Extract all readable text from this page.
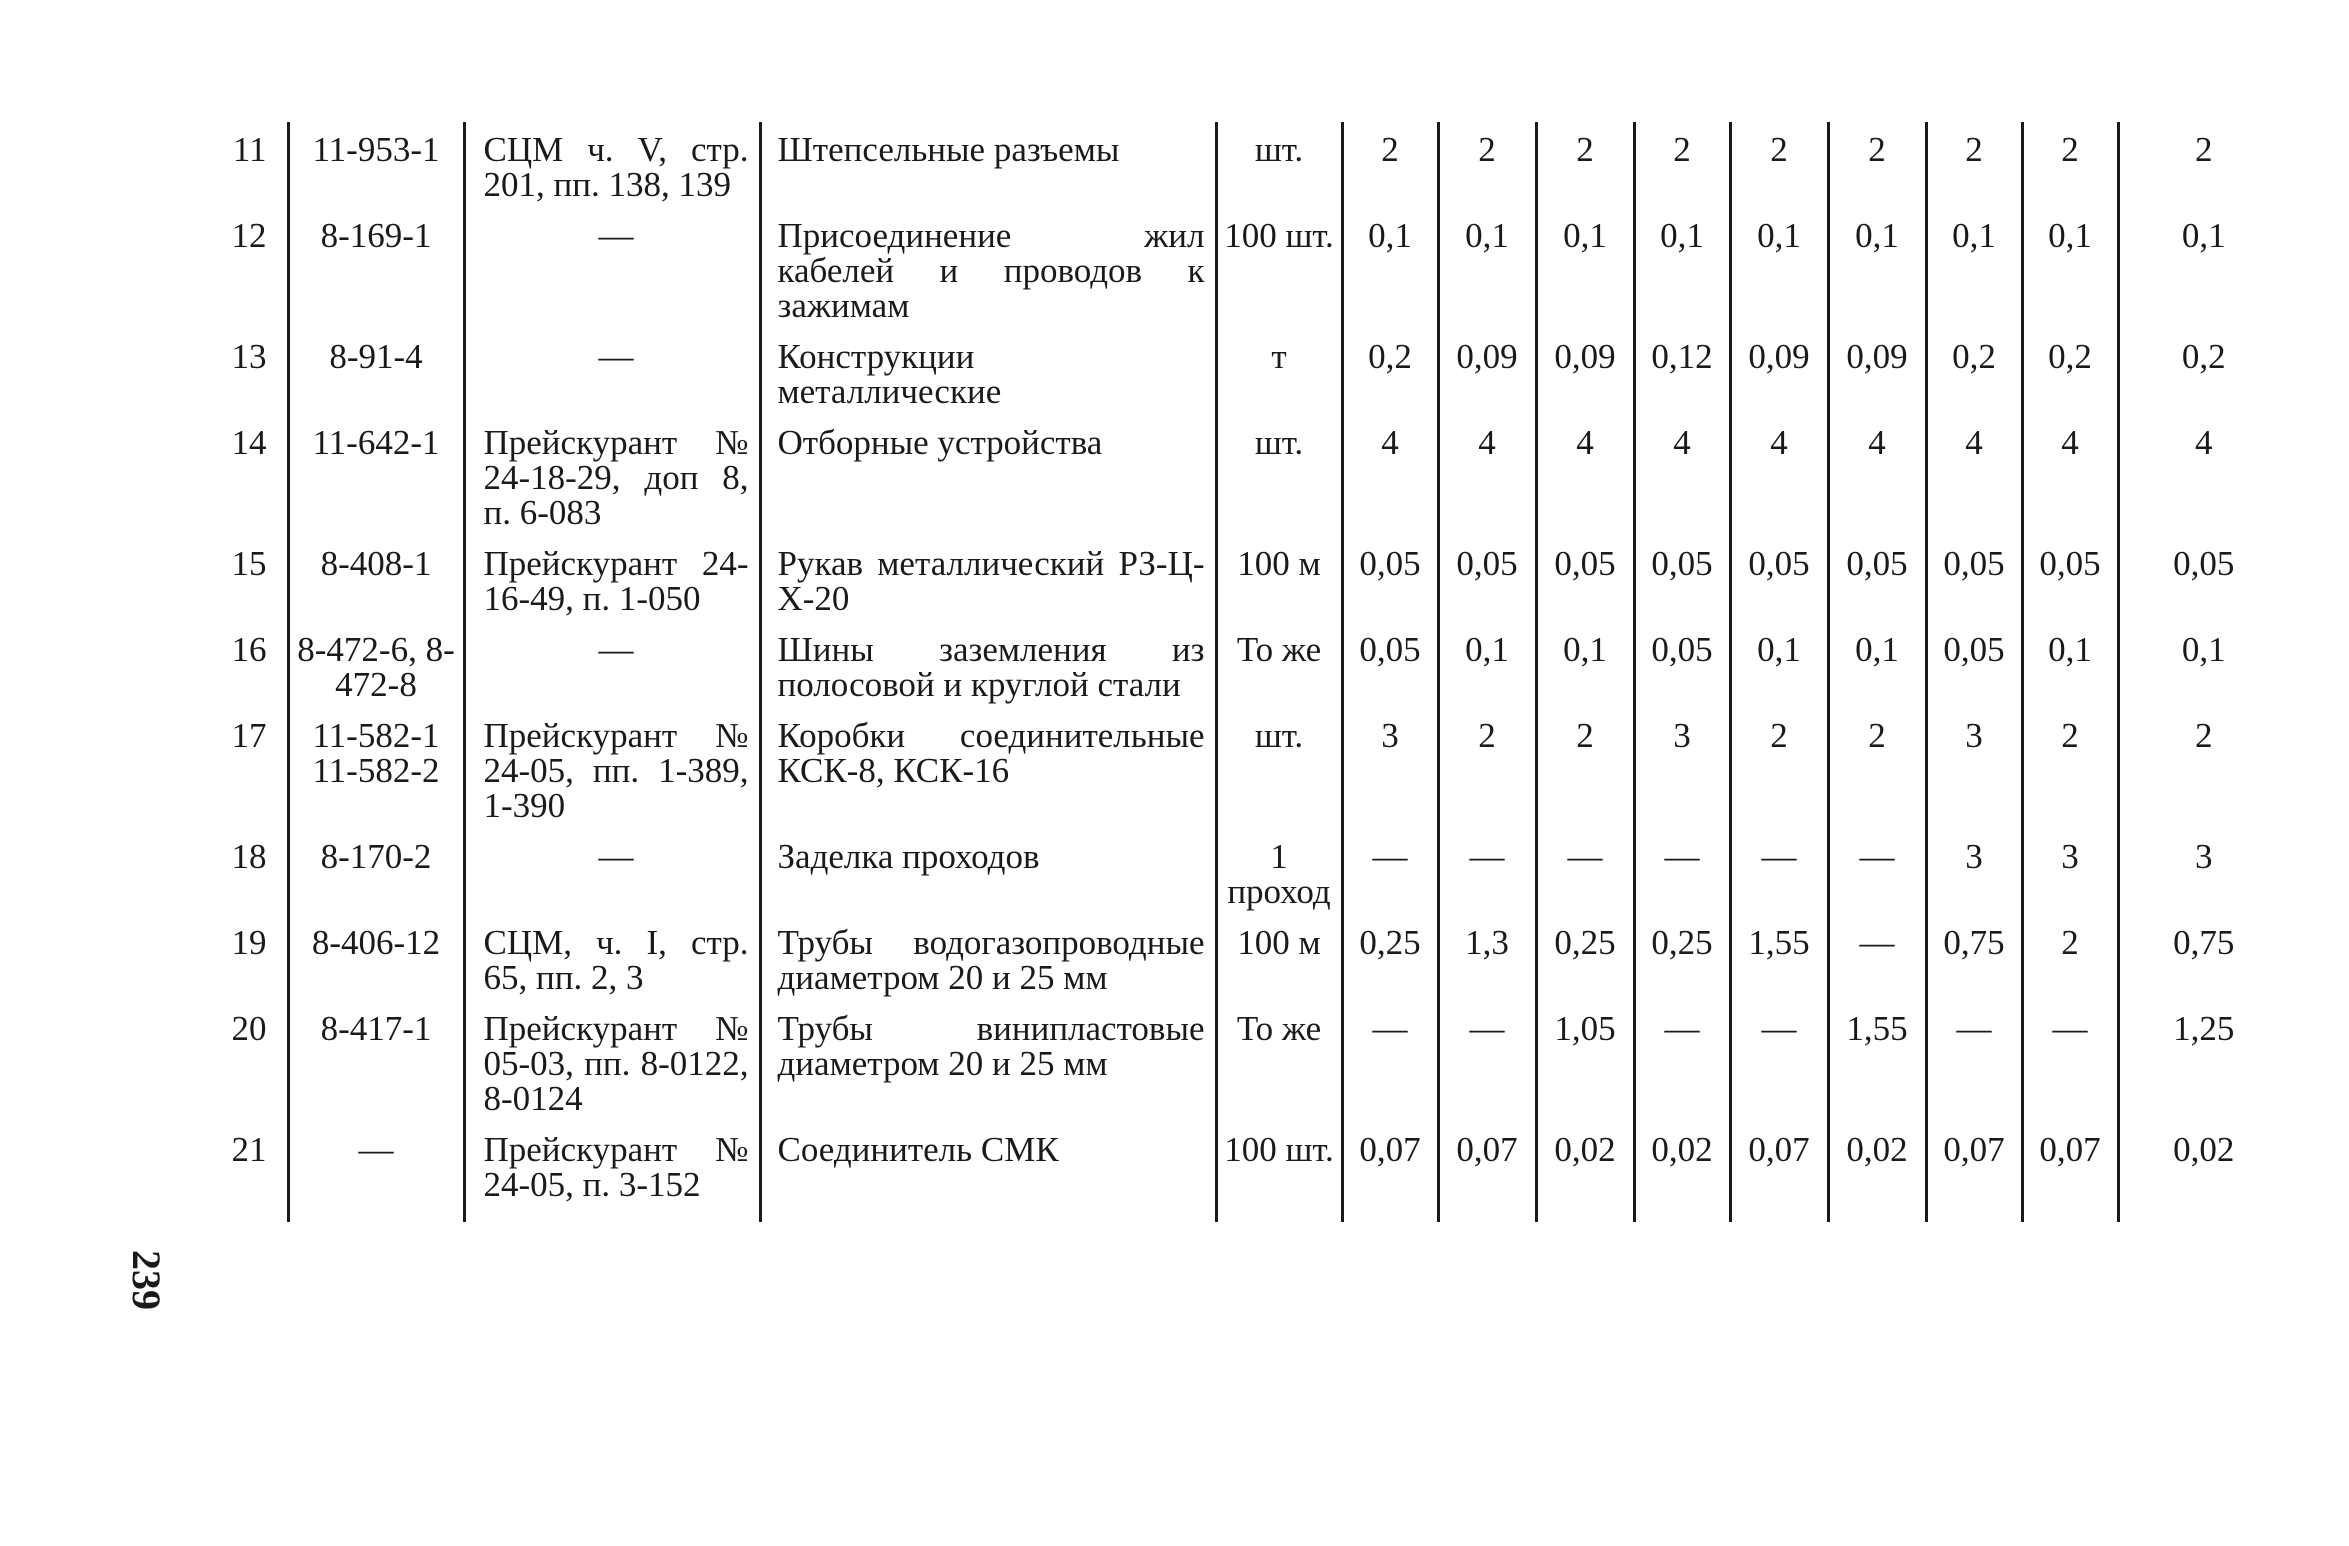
11	11-953-1	СЦМ ч. V, стр. 201, пп. 138, 139	Штепсельные разъемы	шт.	2	2	2	2	2	2	2	2	2
12	8-169-1	—	Присоединение жил кабелей и проводов к зажимам	100 шт.	0,1	0,1	0,1	0,1	0,1	0,1	0,1	0,1	0,1
13	8-91-4	—	Конструкции металлические	т	0,2	0,09	0,09	0,12	0,09	0,09	0,2	0,2	0,2
14	11-642-1	Прейскурант № 24-18-29, доп 8, п. 6-083	Отборные устройства	шт.	4	4	4	4	4	4	4	4	4
15	8-408-1	Прейскурант 24-16-49, п. 1-050	Рукав металлический РЗ-Ц-Х-20	100 м	0,05	0,05	0,05	0,05	0,05	0,05	0,05	0,05	0,05
16	8-472-6, 8-472-8	—	Шины заземления из полосовой и круглой стали	То же	0,05	0,1	0,1	0,05	0,1	0,1	0,05	0,1	0,1
17	11-582-1 11-582-2	Прейскурант № 24-05, пп. 1-389, 1-390	Коробки соединительные КСК-8, КСК-16	шт.	3	2	2	3	2	2	3	2	2
18	8-170-2	—	Заделка проходов	1 проход	—	—	—	—	—	—	3	3	3
19	8-406-12	СЦМ, ч. I, стр. 65, пп. 2, 3	Трубы водогазопроводные диаметром 20 и 25 мм	100 м	0,25	1,3	0,25	0,25	1,55	—	0,75	2	0,75
20	8-417-1	Прейскурант № 05-03, пп. 8-0122, 8-0124	Трубы винипластовые диаметром 20 и 25 мм	То же	—	—	1,05	—	—	1,55	—	—	1,25
21	—	Прейскурант № 24-05, п. 3-152	Соединитель СМК	100 шт.	0,07	0,07	0,02	0,02	0,07	0,02	0,07	0,07	0,02
239
